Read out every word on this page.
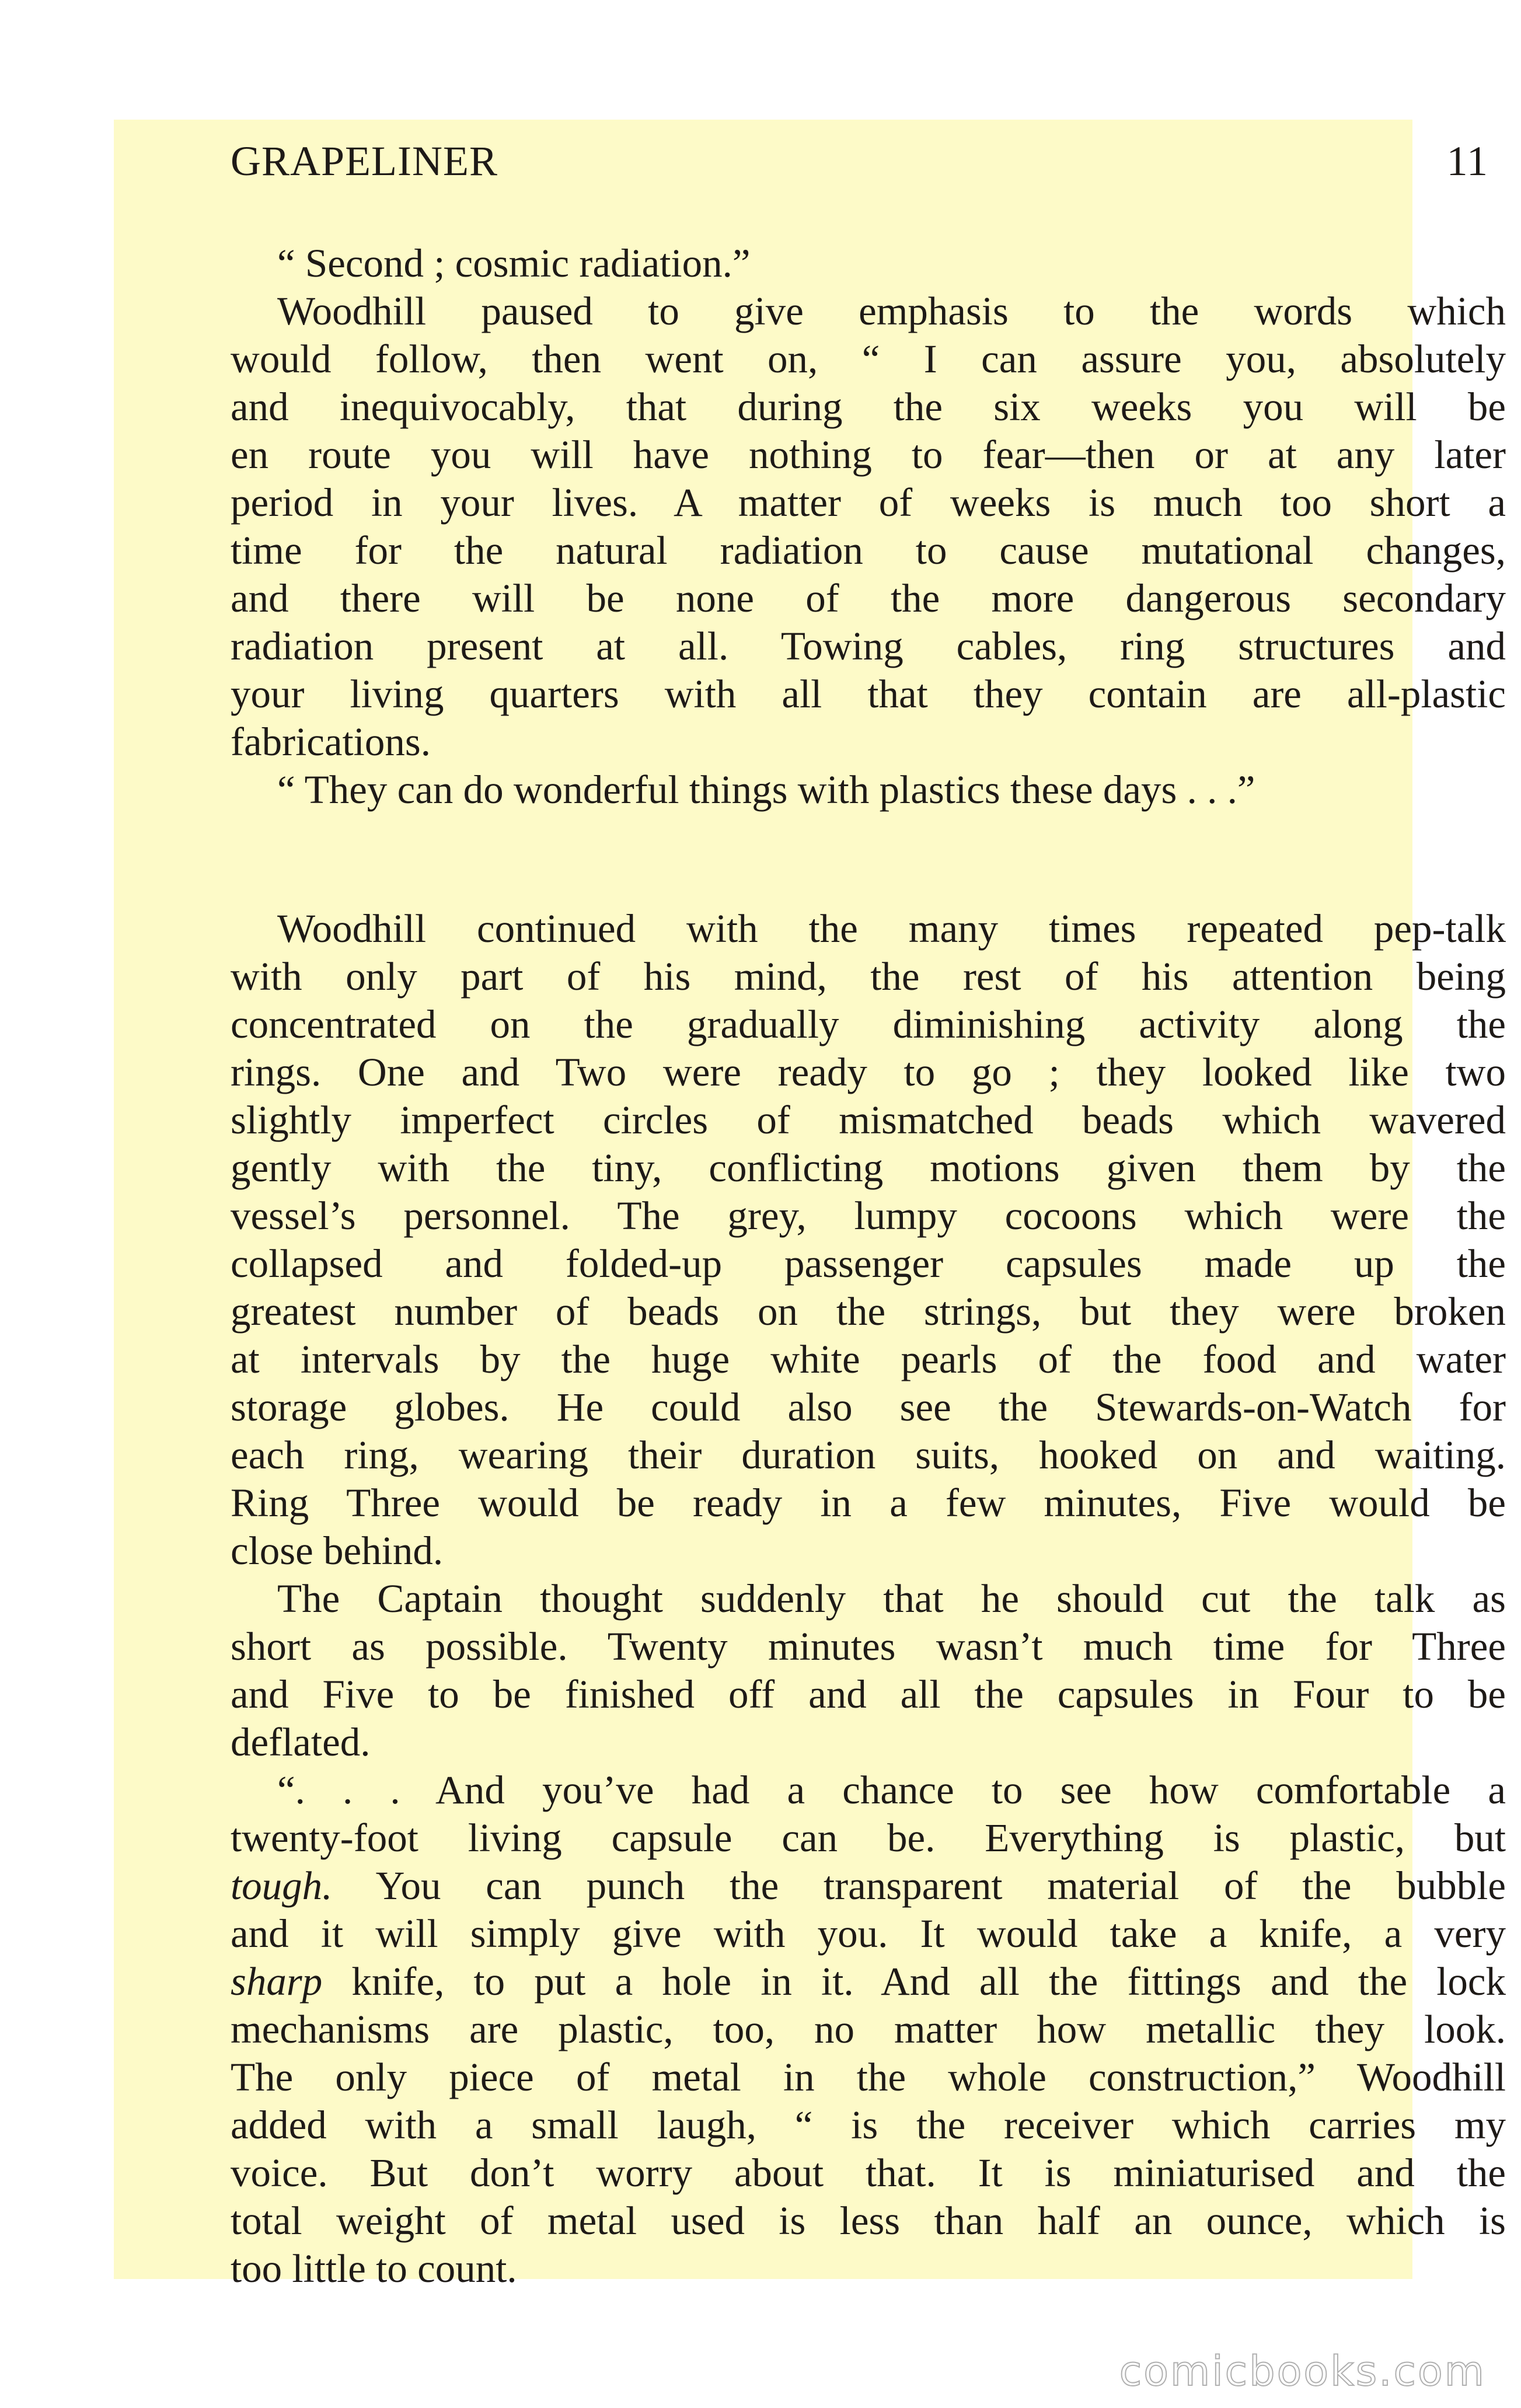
GRAPELINER	11
“ Second ; cosmic radiation.”
Woodhill paused to give emphasis to the words which
would follow, then went on, “ I can assure you, absolutely
and inequivocably, that during the six weeks you will be
en route you will have nothing to fear—then or at any later
period in your lives. A matter of weeks is much too short a
time for the natural radiation to cause mutational changes,
and there will be none of the more dangerous secondary
radiation present at all. Towing cables, ring structures and
your living quarters with all that they contain are all-plastic
fabrications.
“ They can do wonderful things with plastics these days . . .”
Woodhill continued with the many times repeated pep-talk
with only part of his mind, the rest of his attention being
concentrated on the gradually diminishing activity along the
rings. One and Two were ready to go ; they looked like two
slightly imperfect circles of mismatched beads which wavered
gently with the tiny, conflicting motions given them by the
vessel’s personnel. The grey, lumpy cocoons which were the
collapsed and folded-up passenger capsules made up the
greatest number of beads on the strings, but they were broken
at intervals by the huge white pearls of the food and water
storage globes. He could also see the Stewards-on-Watch for
each ring, wearing their duration suits, hooked on and waiting.
Ring Three would be ready in a few minutes, Five would be
close behind.
The Captain thought suddenly that he should cut the talk as
short as possible. Twenty minutes wasn’t much time for Three
and Five to be finished off and all the capsules in Four to be
deflated.
“. . . And you’ve had a chance to see how comfortable a
twenty-foot living capsule can be. Everything is plastic, but
tough. You can punch the transparent material of the bubble
and it will simply give with you. It would take a knife, a very
sharp knife, to put a hole in it. And all the fittings and the lock
mechanisms are plastic, too, no matter how metallic they look.
The only piece of metal in the whole construction,” Woodhill
added with a small laugh, “ is the receiver which carries my
voice. But don’t worry about that. It is miniaturised and the
total weight of metal used is less than half an ounce, which is
too little to count.
comicbooks.com
